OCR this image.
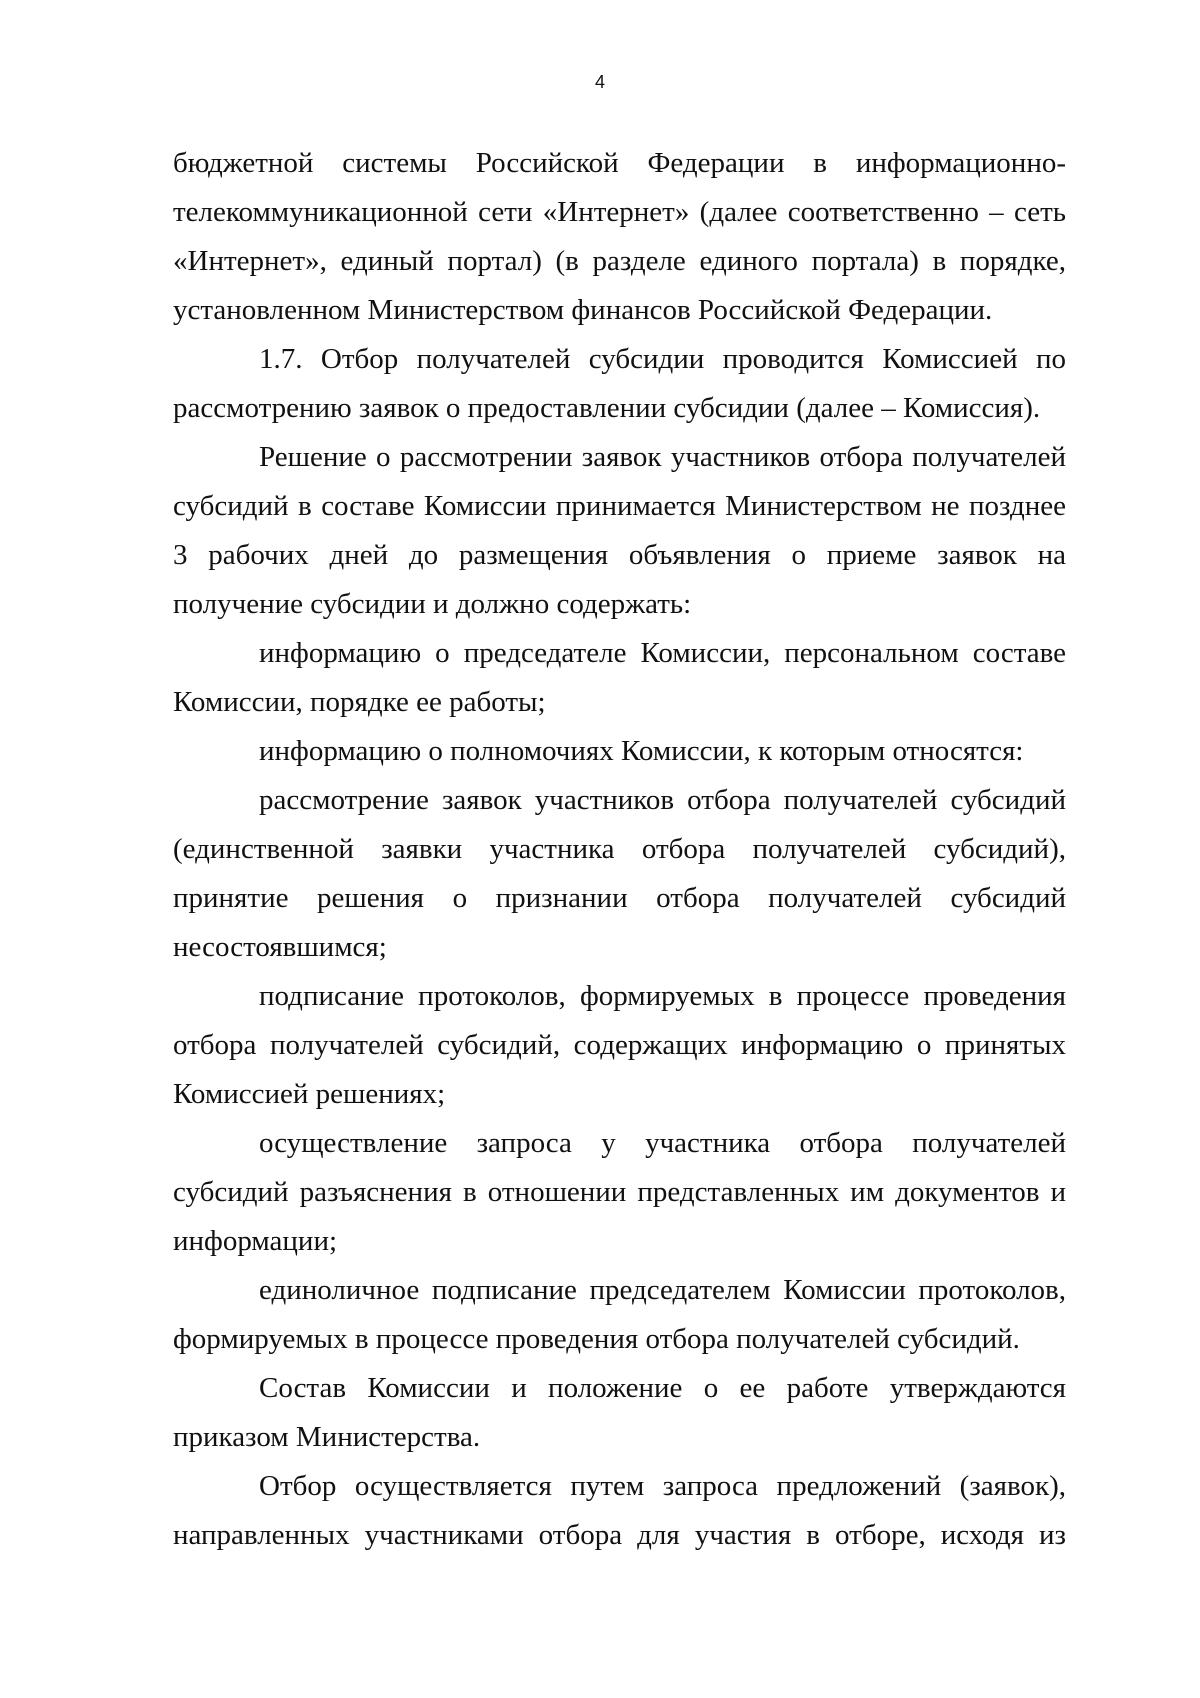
4

бюджетной системы Российской Федерации в информационно-телекоммуникационной сети «Интернет» (далее соответственно – сеть «Интернет», единый портал) (в разделе единого портала) в порядке, установленном Министерством финансов Российской Федерации.

1.7. Отбор получателей субсидии проводится Комиссией по рассмотрению заявок о предоставлении субсидии (далее – Комиссия).

Решение о рассмотрении заявок участников отбора получателей субсидий в составе Комиссии принимается Министерством не позднее 3 рабочих дней до размещения объявления о приеме заявок на получение субсидии и должно содержать:

информацию о председателе Комиссии, персональном составе Комиссии, порядке ее работы;

информацию о полномочиях Комиссии, к которым относятся:

рассмотрение заявок участников отбора получателей субсидий (единственной заявки участника отбора получателей субсидий), принятие решения о признании отбора получателей субсидий несостоявшимся;

подписание протоколов, формируемых в процессе проведения отбора получателей субсидий, содержащих информацию о принятых Комиссией решениях;

осуществление запроса у участника отбора получателей субсидий разъяснения в отношении представленных им документов и информации;

единоличное подписание председателем Комиссии протоколов, формируемых в процессе проведения отбора получателей субсидий.

Состав Комиссии и положение о ее работе утверждаются приказом Министерства.

Отбор осуществляется путем запроса предложений (заявок), направленных участниками отбора для участия в отборе, исходя из
